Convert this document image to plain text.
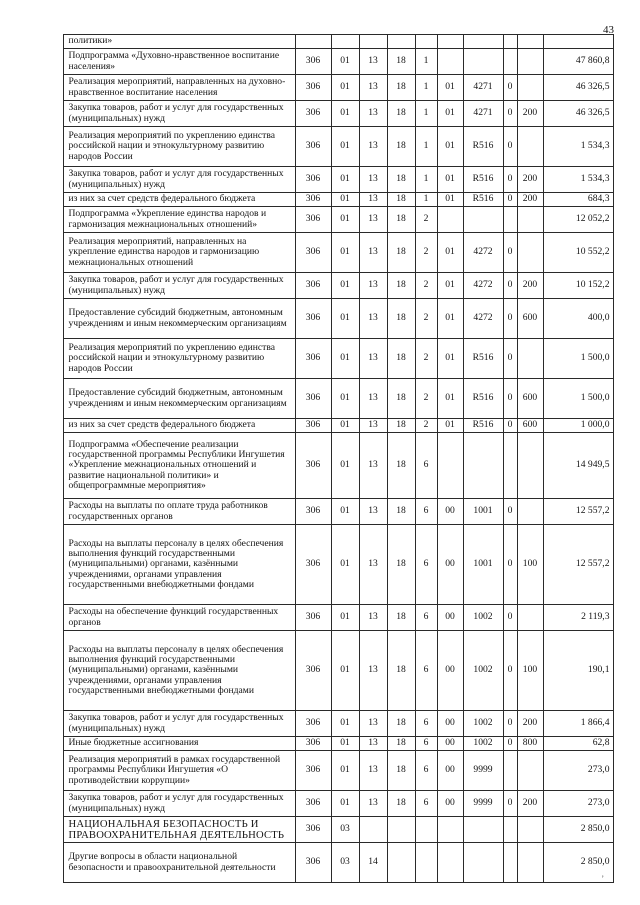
43
	политики»										
	Подпрограмма «Духовно-нравственное воспитание населения»	306	01	13	18	1					47 860,8
	Реализация мероприятий, направленных на духовно-нравственное воспитание населения	306	01	13	18	1	01	4271	0		46 326,5
	Закупка товаров, работ и услуг для государственных (муниципальных) нужд	306	01	13	18	1	01	4271	0	200	46 326,5
	Реализация мероприятий по укреплению единства российской нации и этнокультурному развитию народов России	306	01	13	18	1	01	R516	0		1 534,3
	Закупка товаров, работ и услуг для государственных (муниципальных) нужд	306	01	13	18	1	01	R516	0	200	1 534,3
	из них за счет средств федерального бюджета	306	01	13	18	1	01	R516	0	200	684,3
	Подпрограмма «Укрепление единства народов и гармонизация межнациональных отношений»	306	01	13	18	2					12 052,2
	Реализация мероприятий, направленных на укрепление единства народов и гармонизацию межнациональных отношений	306	01	13	18	2	01	4272	0		10 552,2
	Закупка товаров, работ и услуг для государственных (муниципальных) нужд	306	01	13	18	2	01	4272	0	200	10 152,2
	Предоставление субсидий бюджетным, автономным учреждениям и иным некоммерческим организациям	306	01	13	18	2	01	4272	0	600	400,0
	Реализация мероприятий по укреплению единства российской нации и этнокультурному развитию народов России	306	01	13	18	2	01	R516	0		1 500,0
	Предоставление субсидий бюджетным, автономным учреждениям и иным некоммерческим организациям	306	01	13	18	2	01	R516	0	600	1 500,0
	из них за счет средств федерального бюджета	306	01	13	18	2	01	R516	0	600	1 000,0
	Подпрограмма «Обеспечение реализации государственной программы Республики Ингушетия «Укрепление межнациональных отношений и развитие национальной политики» и общепрограммные мероприятия»	306	01	13	18	6					14 949,5
	Расходы на выплаты по оплате труда работников государственных органов	306	01	13	18	6	00	1001	0		12 557,2
	Расходы на выплаты персоналу в целях обеспечения выполнения функций государственными (муниципальными) органами, казёнными учреждениями, органами управления государственными внебюджетными фондами	306	01	13	18	6	00	1001	0	100	12 557,2
	Расходы на обеспечение функций государственных органов	306	01	13	18	6	00	1002	0		2 119,3
	Расходы на выплаты персоналу в целях обеспечения выполнения функций государственными (муниципальными) органами, казёнными учреждениями, органами управления государственными внебюджетными фондами	306	01	13	18	6	00	1002	0	100	190,1
	Закупка товаров, работ и услуг для государственных (муниципальных) нужд	306	01	13	18	6	00	1002	0	200	1 866,4
	Иные бюджетные ассигнования	306	01	13	18	6	00	1002	0	800	62,8
	Реализация мероприятий в рамках государственной программы Республики Ингушетия «О противодействии коррупции»	306	01	13	18	6	00	9999			273,0
	Закупка товаров, работ и услуг для государственных (муниципальных) нужд	306	01	13	18	6	00	9999	0	200	273,0
	НАЦИОНАЛЬНАЯ БЕЗОПАСНОСТЬ И ПРАВООХРАНИТЕЛЬНАЯ ДЕЯТЕЛЬНОСТЬ	306	03								2 850,0
	Другие вопросы в области национальной безопасности и правоохранительной деятельности	306	03	14							2 850,0
ʼ
